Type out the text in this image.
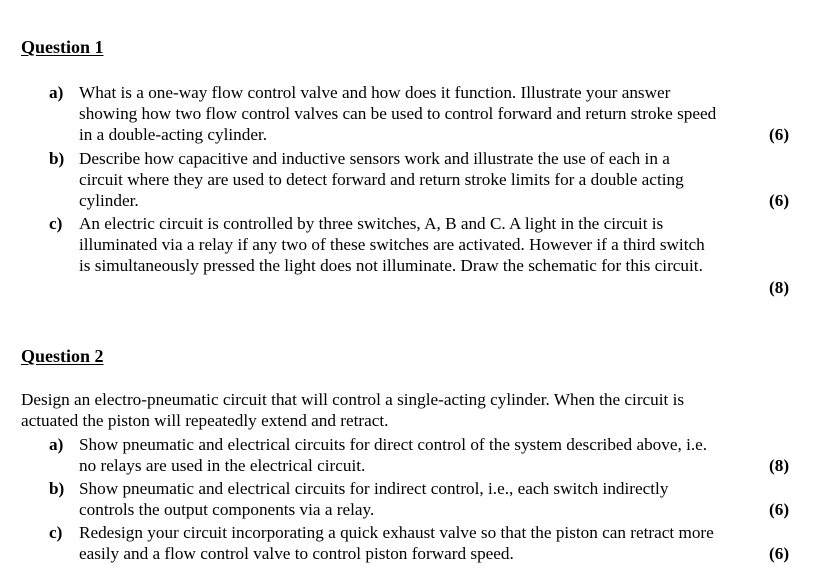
Question 1
a) What is a one-way flow control valve and how does it function. Illustrate your answer
showing how two flow control valves can be used to control forward and return stroke speed
in a double-acting cylinder.	(6)
b) Describe how capacitive and inductive sensors work and illustrate the use of each in a
circuit where they are used to detect forward and return stroke limits for a double acting
cylinder.	(6)
c) An electric circuit is controlled by three switches, A, B and C. A light in the circuit is
illuminated via a relay if any two of these switches are activated. However if a third switch
is simultaneously pressed the light does not illuminate. Draw the schematic for this circuit.
(8)
Question 2
Design an electro-pneumatic circuit that will control a single-acting cylinder. When the circuit is
actuated the piston will repeatedly extend and retract.
a) Show pneumatic and electrical circuits for direct control of the system described above, i.e.
no relays are used in the electrical circuit.	(8)
b) Show pneumatic and electrical circuits for indirect control, i.e., each switch indirectly
controls the output components via a relay.	(6)
c) Redesign your circuit incorporating a quick exhaust valve so that the piston can retract more
easily and a flow control valve to control piston forward speed.	(6)
